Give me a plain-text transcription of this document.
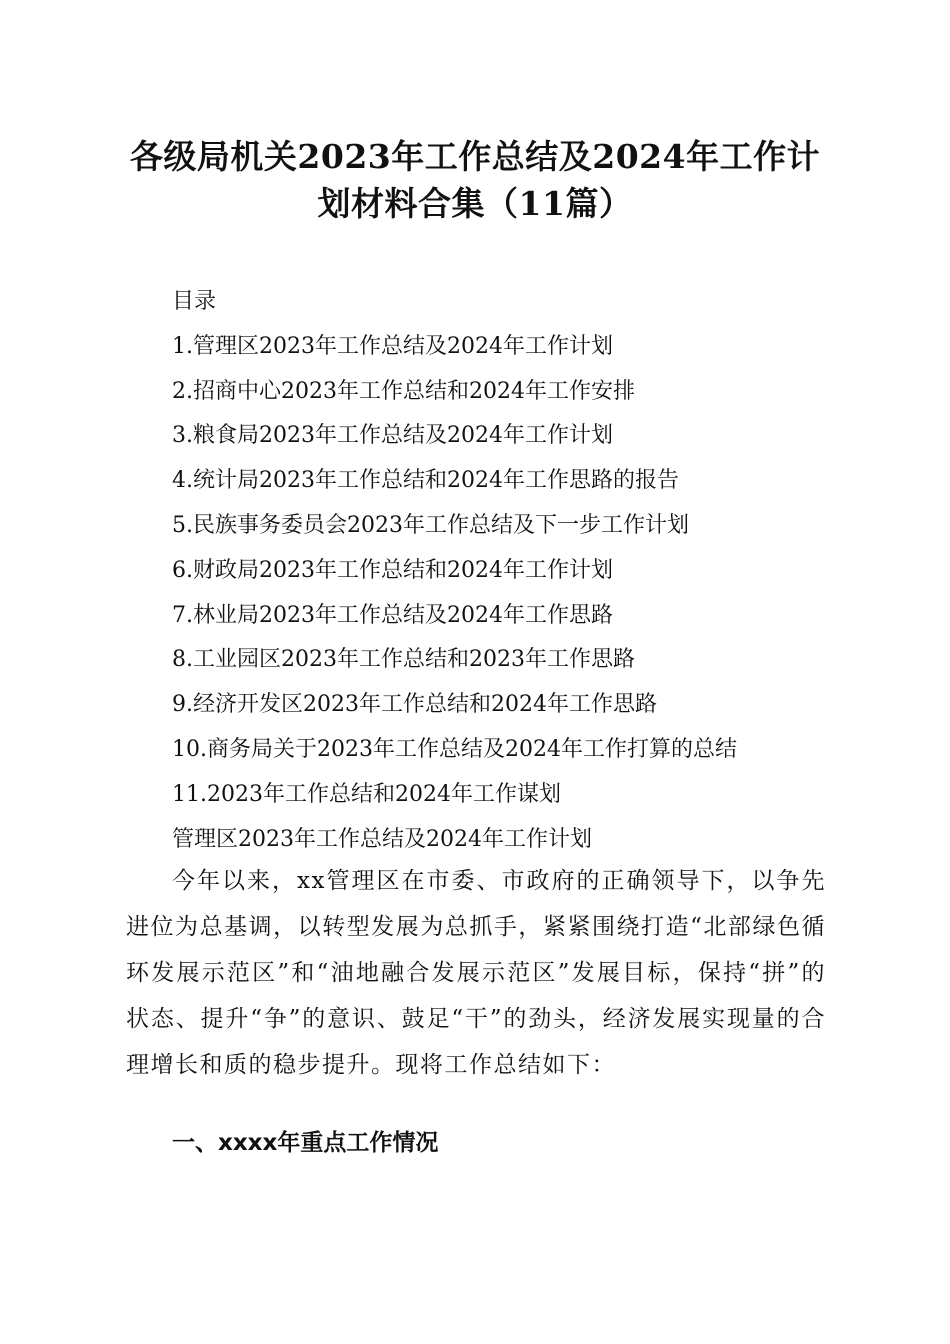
各级局机关2023年工作总结及2024年工作计
划材料合集（11篇）
目录
1.管理区2023年工作总结及2024年工作计划
2.招商中心2023年工作总结和2024年工作安排
3.粮食局2023年工作总结及2024年工作计划
4.统计局2023年工作总结和2024年工作思路的报告
5.民族事务委员会2023年工作总结及下一步工作计划
6.财政局2023年工作总结和2024年工作计划
7.林业局2023年工作总结及2024年工作思路
8.工业园区2023年工作总结和2023年工作思路
9.经济开发区2023年工作总结和2024年工作思路
10.商务局关于2023年工作总结及2024年工作打算的总结
11.2023年工作总结和2024年工作谋划
管理区2023年工作总结及2024年工作计划

今年以来，xx管理区在市委、市政府的正确领导下，以争先进位为总基调，以转型发展为总抓手，紧紧围绕打造“北部绿色循环发展示范区”和“油地融合发展示范区”发展目标，保持“拼”的状态、提升“争”的意识、鼓足“干”的劲头，经济发展实现量的合理增长和质的稳步提升。现将工作总结如下：

一、xxxx年重点工作情况
